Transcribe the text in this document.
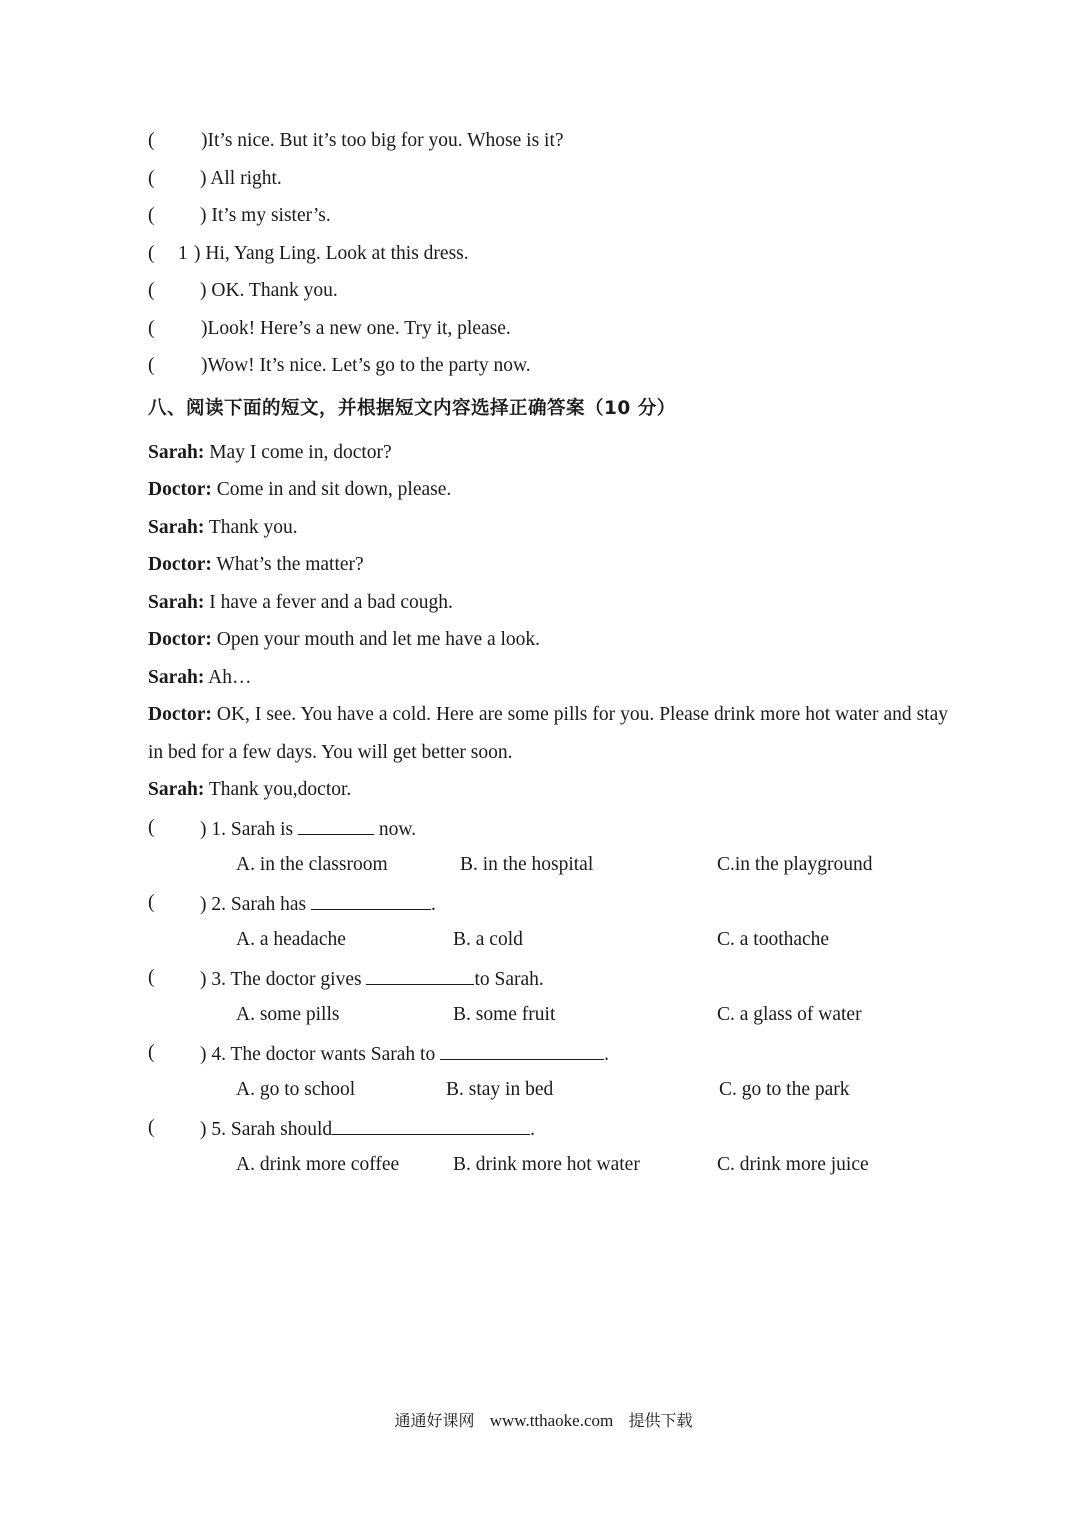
( )It’s nice. But it’s too big for you. Whose is it?
( ) All right.
( ) It’s my sister’s.
( 1 ) Hi, Yang Ling. Look at this dress.
( ) OK. Thank you.
( )Look! Here’s a new one. Try it, please.
( )Wow! It’s nice. Let’s go to the party now.
八、阅读下面的短文，并根据短文内容选择正确答案（10 分）
Sarah: May I come in, doctor?
Doctor: Come in and sit down, please.
Sarah: Thank you.
Doctor: What’s the matter?
Sarah: I have a fever and a bad cough.
Doctor: Open your mouth and let me have a look.
Sarah: Ah…
Doctor: OK, I see. You have a cold. Here are some pills for you. Please drink more hot water and stay in bed for a few days. You will get better soon.
Sarah: Thank you,doctor.
( ) 1. Sarah is	now.
A. in the classroom	B. in the hospital	C.in the playground
( ) 2. Sarah has	.
A. a headache	B. a cold	C. a toothache
( ) 3. The doctor gives	to Sarah.
A. some pills	B. some fruit	C. a glass of water
( ) 4. The doctor wants Sarah to	.
A. go to school	B. stay in bed	C. go to the park
( ) 5. Sarah should	.
A. drink more coffee	B. drink more hot water	C. drink more juice
通通好课网 www.tthaoke.com 提供下载
